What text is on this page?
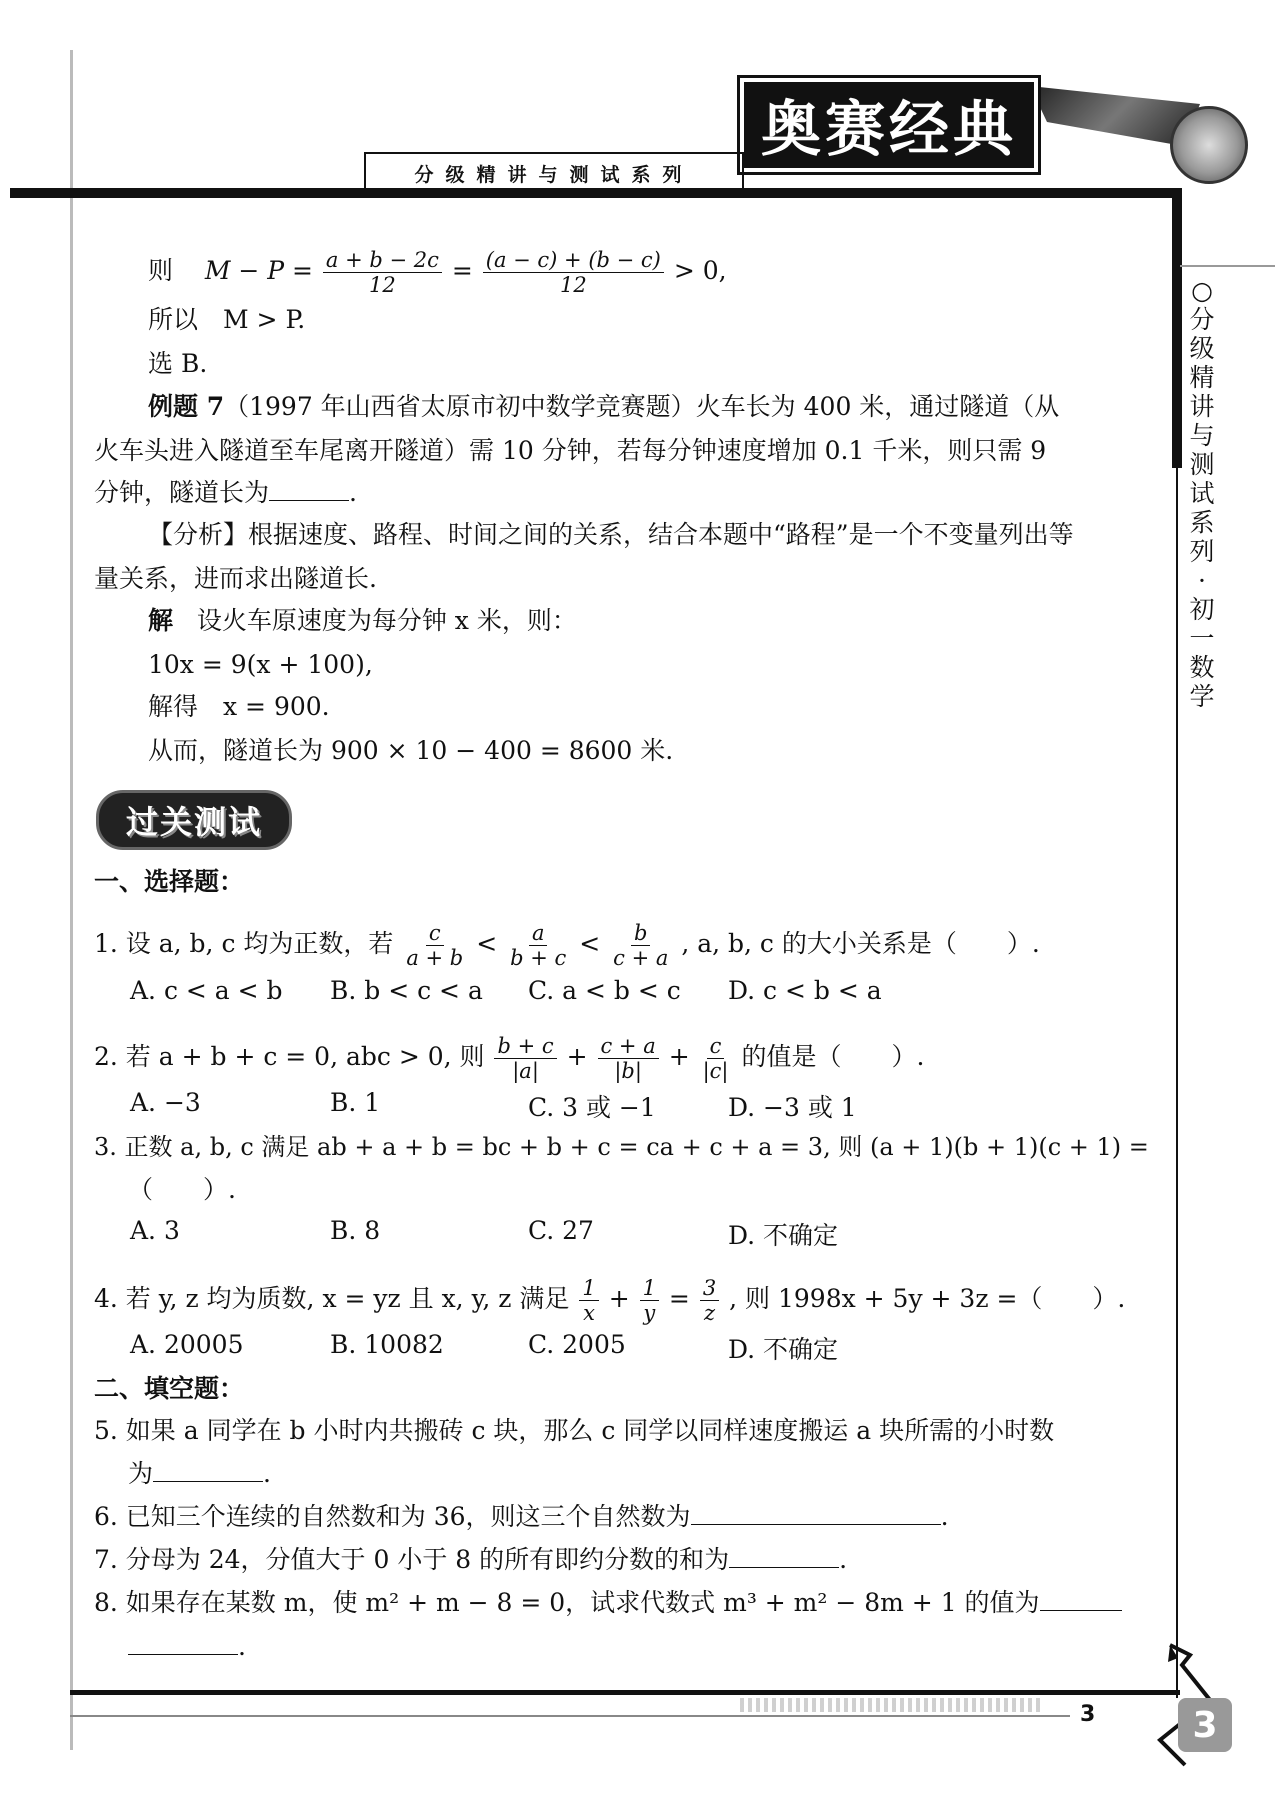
奥赛经典
分级精讲与测试系列
○
分
级
精
讲
与
测
试
系
列
·
初
一
数
学
则 $M - P = \frac{a + b - 2c}{12} = \frac{(a - c) + (b - c)}{12} > 0$,
所以　M > P.
选 B.
例题 7（1997 年山西省太原市初中数学竞赛题）火车长为 400 米，通过隧道（从
火车头进入隧道至车尾离开隧道）需 10 分钟，若每分钟速度增加 0.1 千米，则只需 9
分钟，隧道长为	.
【分析】根据速度、路程、时间之间的关系，结合本题中“路程”是一个不变量列出等
量关系，进而求出隧道长.
解 设火车原速度为每分钟 x 米，则：
10x = 9(x + 100),
解得　x = 900.
从而，隧道长为 900 × 10 − 400 = 8600 米.
过关测试
一、选择题：
1. 设 a, b, c 均为正数，若 $\frac{c}{a + b} < \frac{a}{b + c} < \frac{b}{c + a}$ , a, b, c 的大小关系是（　　）.
A. c < a < b B. b < c < a C. a < b < c D. c < b < a
2. 若 a + b + c = 0, abc > 0, 则 $\frac{b + c}{|a|} + \frac{c + a}{|b|} + \frac{c}{|c|}$ 的值是（　　）.
A. −3	B. 1	C. 3 或 −1	D. −3 或 1
3. 正数 a, b, c 满足 ab + a + b = bc + b + c = ca + c + a = 3, 则 (a + 1)(b + 1)(c + 1) =
（　　）.
A. 3	B. 8	C. 27	D. 不确定
4. 若 y, z 均为质数, x = yz 且 x, y, z 满足 $\frac{1}{x} + \frac{1}{y} = \frac{3}{z}$ , 则 1998x + 5y + 3z =（　　）.
A. 20005	B. 10082	C. 2005	D. 不确定
二、填空题：
5. 如果 a 同学在 b 小时内共搬砖 c 块，那么 c 同学以同样速度搬运 a 块所需的小时数
为	.
6. 已知三个连续的自然数和为 36，则这三个自然数为	.
7. 分母为 24，分值大于 0 小于 8 的所有即约分数的和为	.
8. 如果存在某数 m，使 m² + m − 8 = 0，试求代数式 m³ + m² − 8m + 1 的值为
.
3	3
